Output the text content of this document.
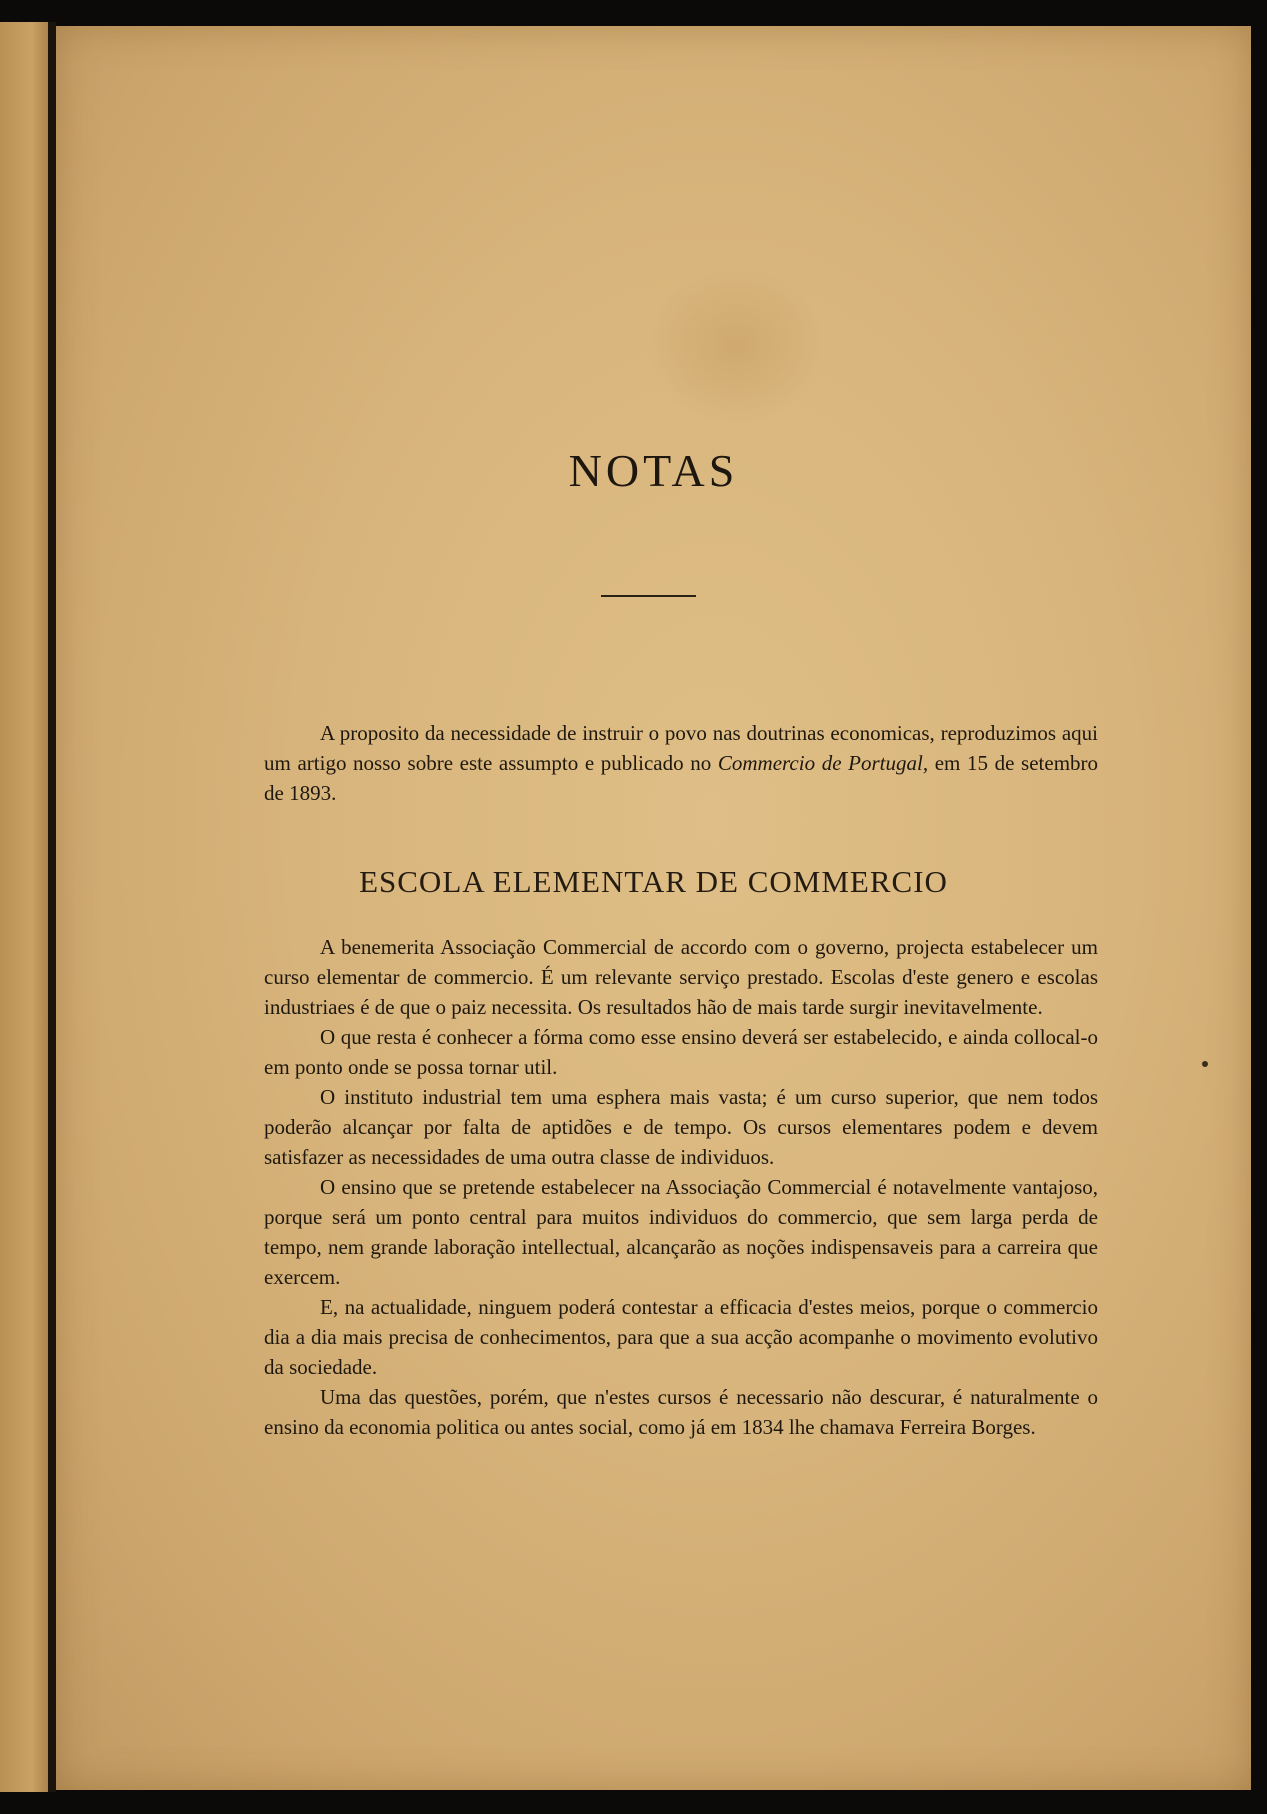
NOTAS

A proposito da necessidade de instruir o povo nas doutrinas economicas, reproduzimos aqui um artigo nosso sobre este assumpto e publicado no Commercio de Portugal, em 15 de setembro de 1893.

ESCOLA ELEMENTAR DE COMMERCIO

A benemerita Associação Commercial de accordo com o governo, projecta estabelecer um curso elementar de commercio. É um relevante serviço prestado. Escolas d'este genero e escolas industriaes é de que o paiz necessita. Os resultados hão de mais tarde surgir inevitavelmente.

O que resta é conhecer a fórma como esse ensino deverá ser estabelecido, e ainda collocal-o em ponto onde se possa tornar util.

O instituto industrial tem uma esphera mais vasta; é um curso superior, que nem todos poderão alcançar por falta de aptidões e de tempo. Os cursos elementares podem e devem satisfazer as necessidades de uma outra classe de individuos.

O ensino que se pretende estabelecer na Associação Commercial é notavelmente vantajoso, porque será um ponto central para muitos individuos do commercio, que sem larga perda de tempo, nem grande laboração intellectual, alcançarão as noções indispensaveis para a carreira que exercem.

E, na actualidade, ninguem poderá contestar a efficacia d'estes meios, porque o commercio dia a dia mais precisa de conhecimentos, para que a sua acção acompanhe o movimento evolutivo da sociedade.

Uma das questões, porém, que n'estes cursos é necessario não descurar, é naturalmente o ensino da economia politica ou antes social, como já em 1834 lhe chamava Ferreira Borges.
